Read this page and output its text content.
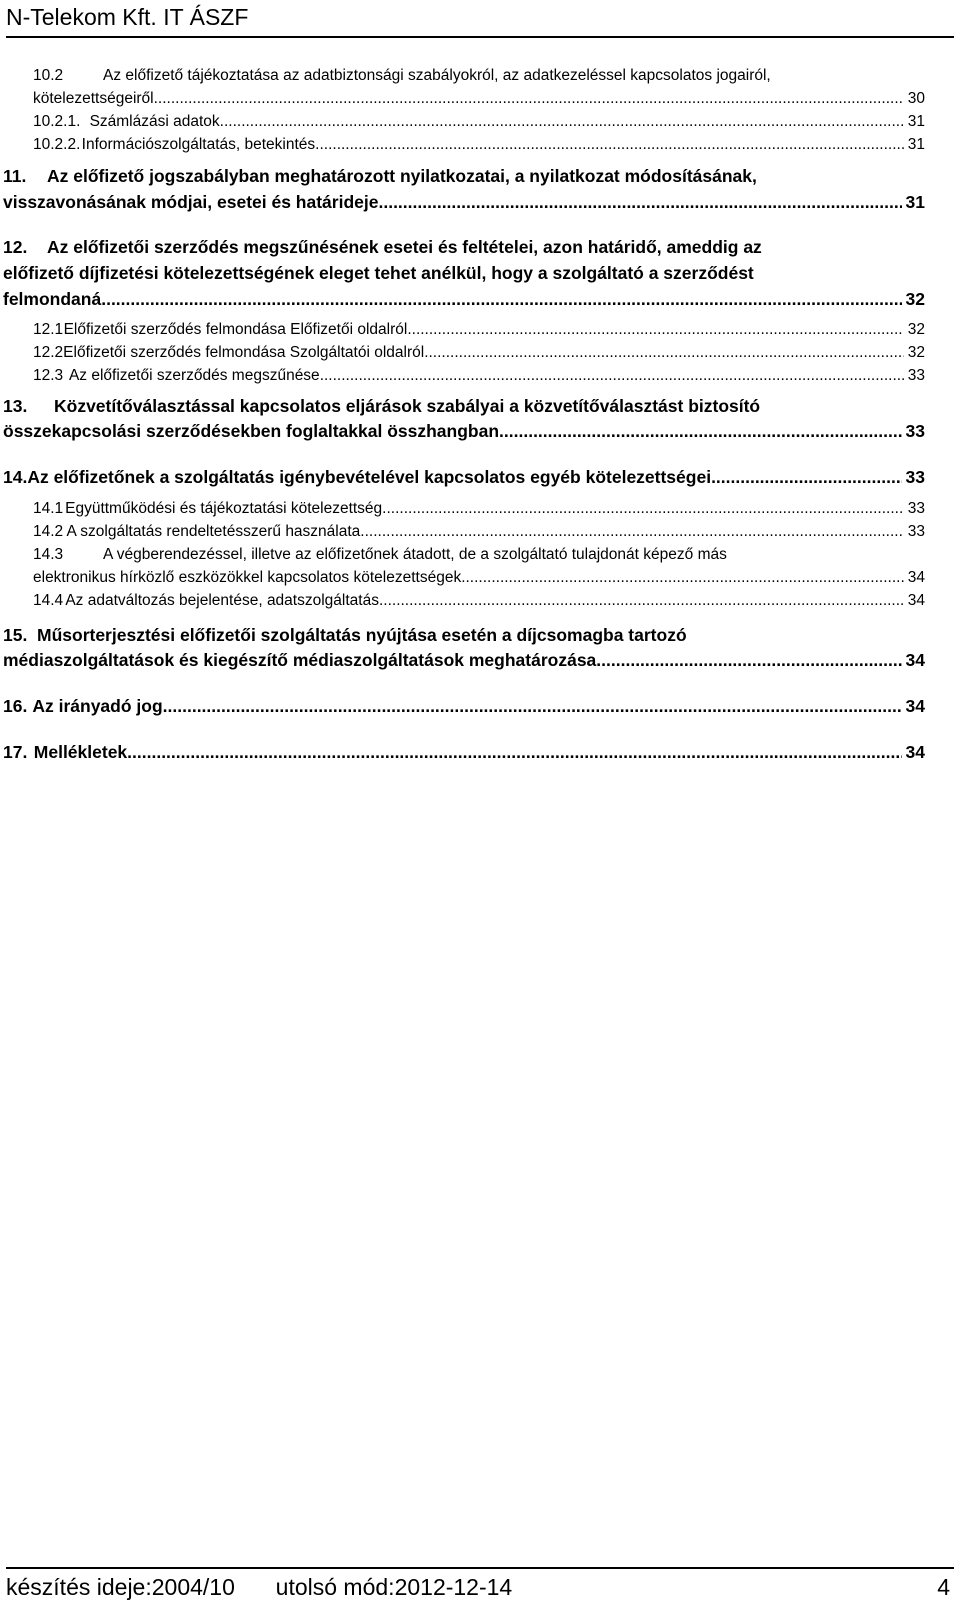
N-Telekom Kft. IT ÁSZF
10.2	Az előfizető tájékoztatása az adatbiztonsági szabályokról, az adatkezeléssel kapcsolatos jogairól,
kötelezettségeiről .....	30
10.2.1. Számlázási adatok .....	31
10.2.2. Információszolgáltatás, betekintés .....	31
11. Az előfizető jogszabályban meghatározott nyilatkozatai, a nyilatkozat módosításának,
visszavonásának módjai, esetei és határideje .....	31
12. Az előfizetői szerződés megszűnésének esetei és feltételei, azon határidő, ameddig az
előfizető díjfizetési kötelezettségének eleget tehet anélkül, hogy a szolgáltató a szerződést
felmondaná .....	32
12.1 Előfizetői szerződés felmondása Előfizetői oldalról .....	32
12.2 Előfizetői szerződés felmondása Szolgáltatói oldalról .....	32
12.3 Az előfizetői szerződés megszűnése .....	33
13. Közvetítőválasztással kapcsolatos eljárások szabályai a közvetítőválasztást biztosító
összekapcsolási szerződésekben foglaltakkal összhangban .....	33
14. Az előfizetőnek a szolgáltatás igénybevételével kapcsolatos egyéb kötelezettségei .....	33
14.1 Együttműködési és tájékoztatási kötelezettség .....	33
14.2 A szolgáltatás rendeltetésszerű használata .....	33
14.3	A végberendezéssel, illetve az előfizetőnek átadott, de a szolgáltató tulajdonát képező más
elektronikus hírközlő eszközökkel kapcsolatos kötelezettségek .....	34
14.4 Az adatváltozás bejelentése, adatszolgáltatás .....	34
15. Műsorterjesztési előfizetői szolgáltatás nyújtása esetén a díjcsomagba tartozó
médiaszolgáltatások és kiegészítő médiaszolgáltatások meghatározása .....	34
16. Az irányadó jog .....	34
17. Mellékletek .....	34
készítés ideje:2004/10 utolsó mód:2012-12-14	4
